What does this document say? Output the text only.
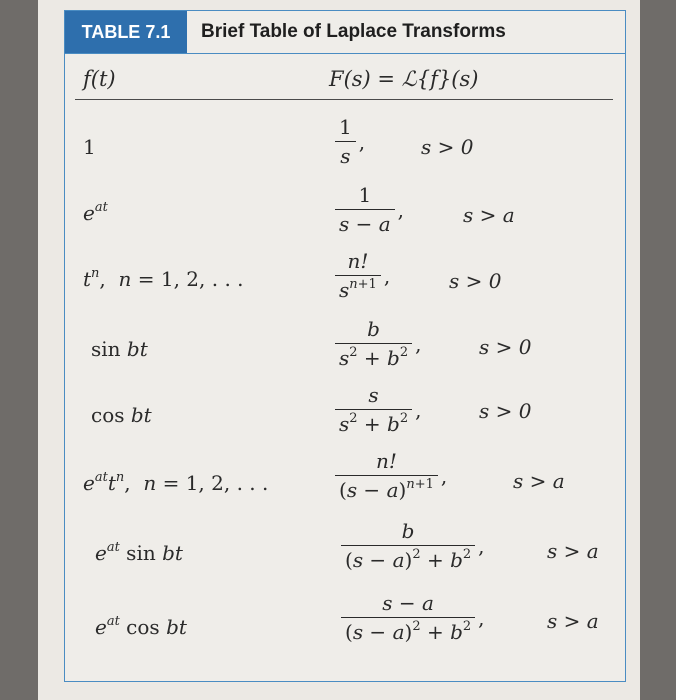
TABLE 7.1	Brief Table of Laplace Transforms
f(t)	F(s) = ℒ{f}(s)
1	$\frac{1}{s}$ ,	s > 0
$e^{at}$	$\frac{1}{s - a}$ ,	s > a
$t^n$,  n = 1, 2, . . .	$\frac{n!}{s^{n+1}}$ ,	s > 0
sin bt	$\frac{b}{s^2 + b^2}$ ,	s > 0
cos bt	$\frac{s}{s^2 + b^2}$ ,	s > 0
$e^{at}t^n$,  n = 1, 2, . . .	$\frac{n!}{(s - a)^{n+1}}$ ,	s > a
$e^{at}$ sin bt	$\frac{b}{(s - a)^2 + b^2}$ ,	s > a
$e^{at}$ cos bt	$\frac{s - a}{(s - a)^2 + b^2}$ ,	s > a
